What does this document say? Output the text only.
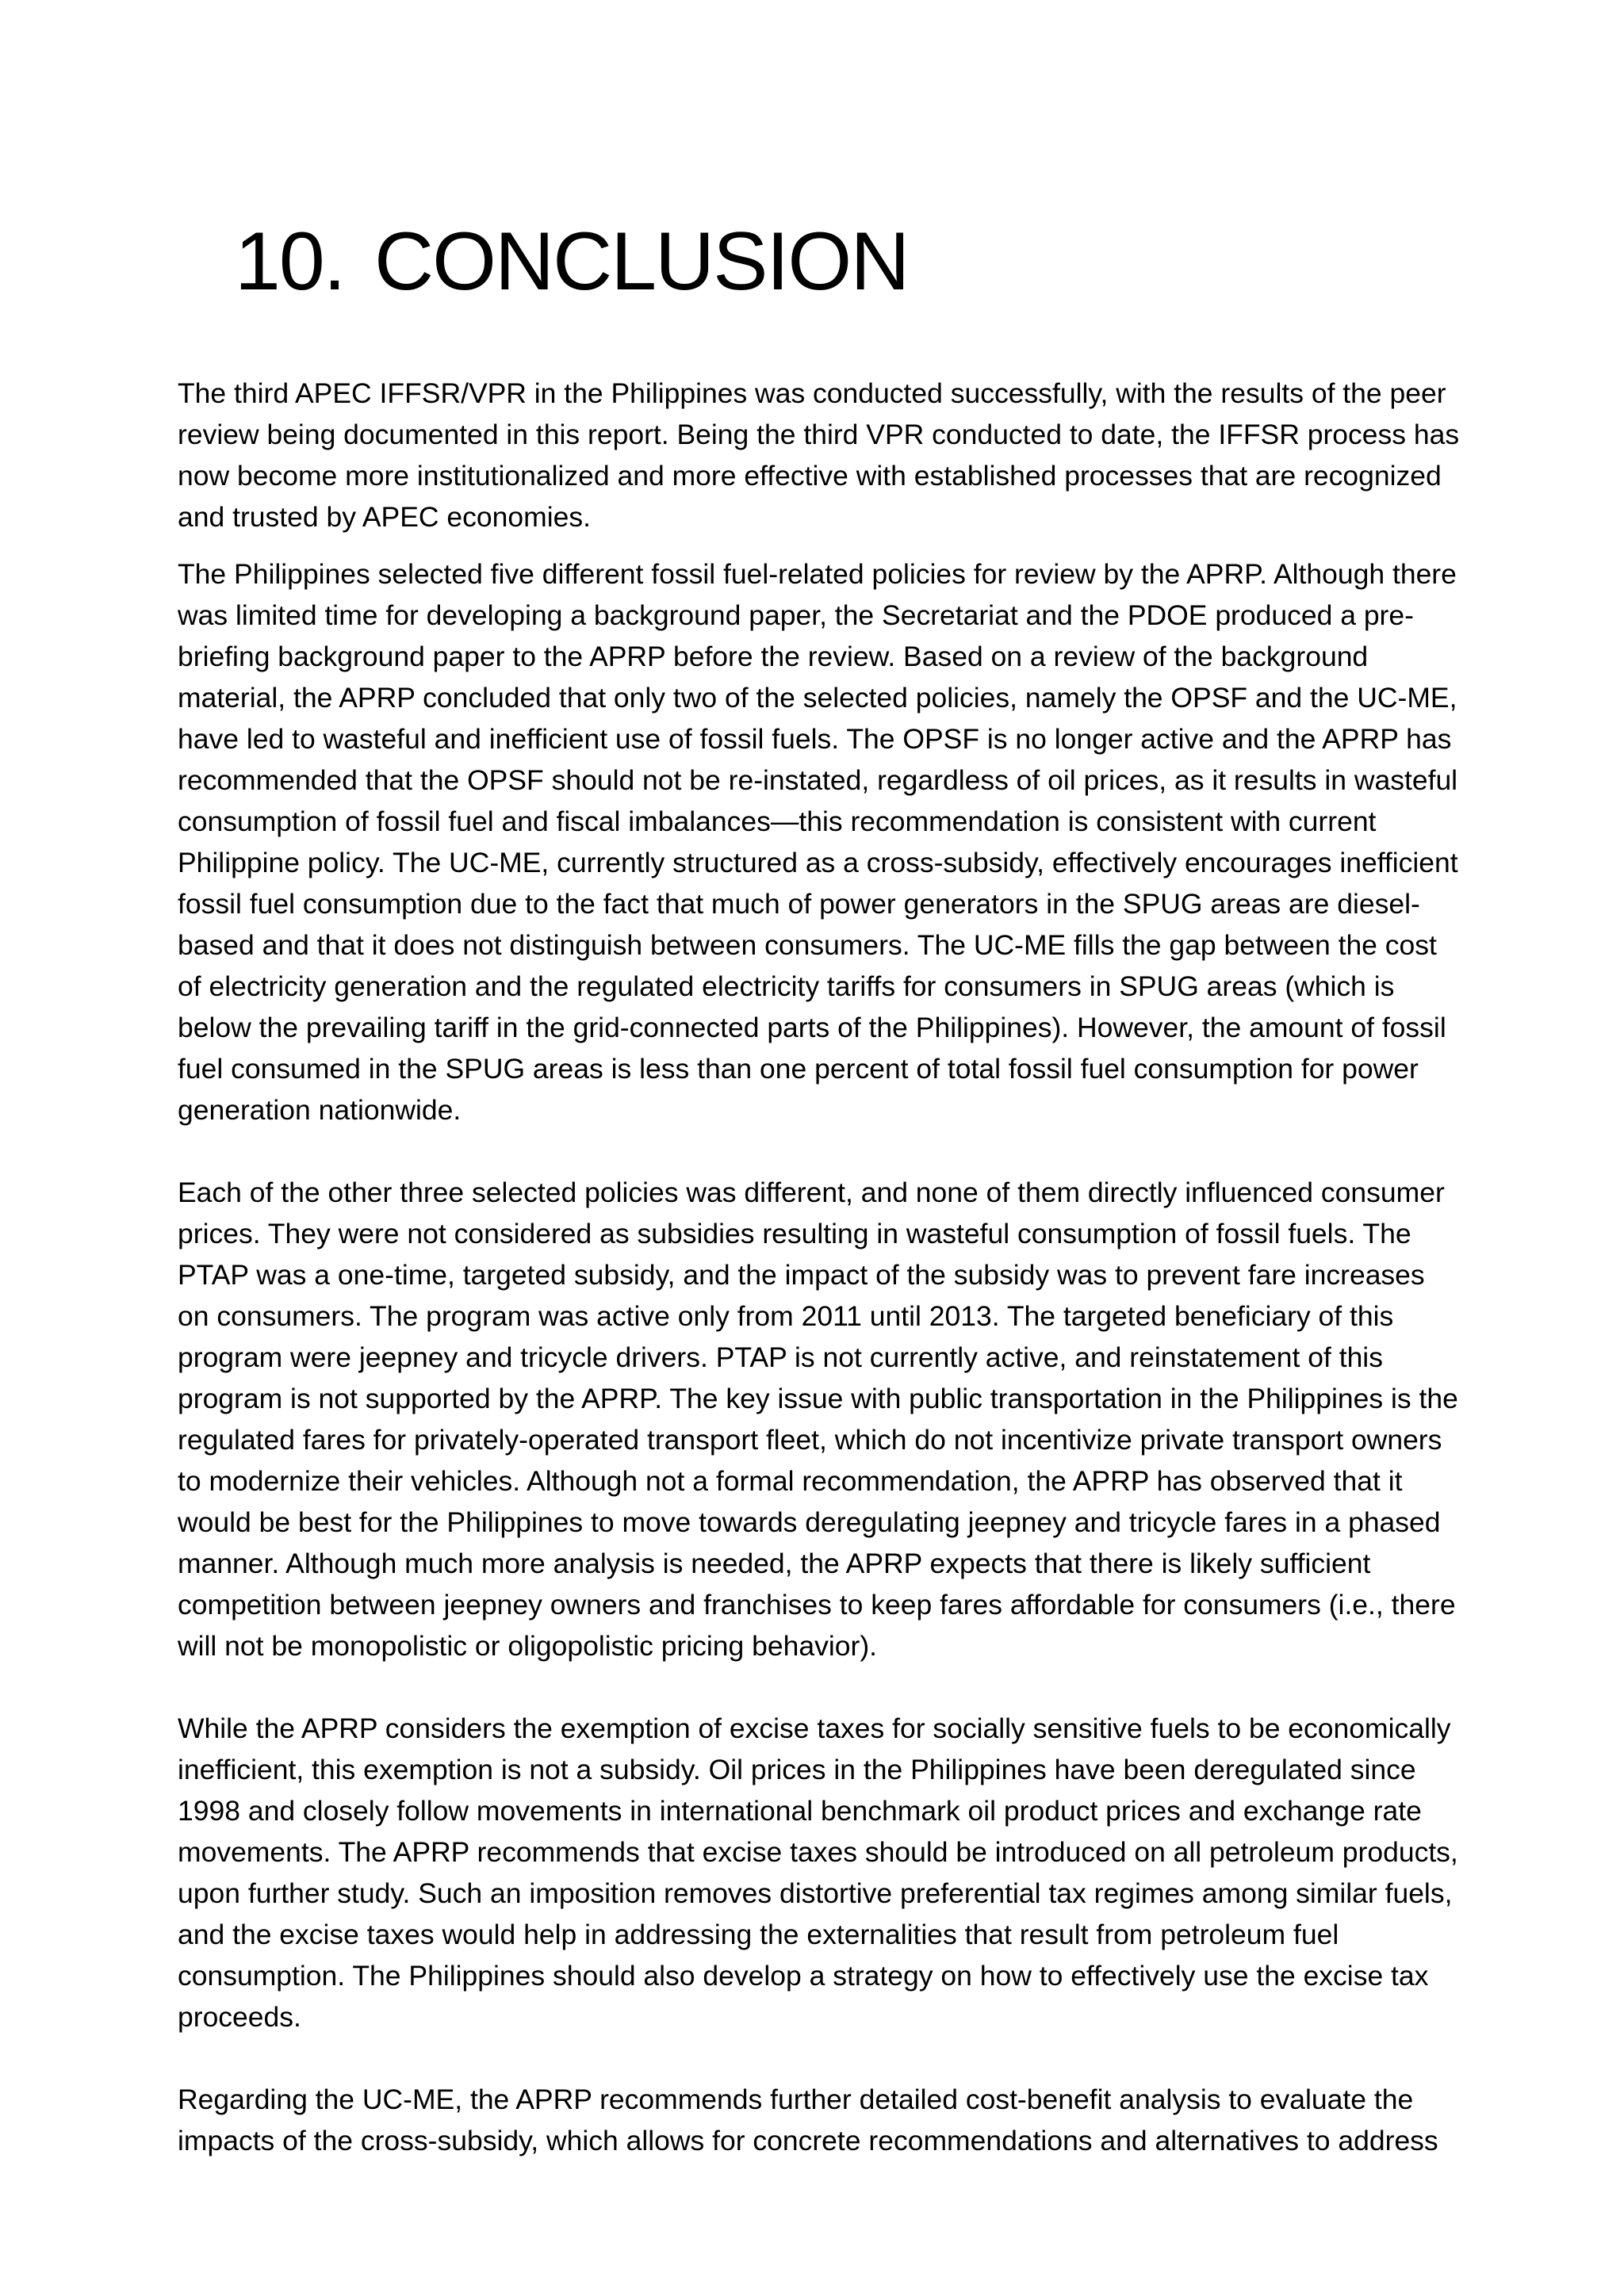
10. CONCLUSION

The third APEC IFFSR/VPR in the Philippines was conducted successfully, with the results of the peer review being documented in this report. Being the third VPR conducted to date, the IFFSR process has now become more institutionalized and more effective with established processes that are recognized and trusted by APEC economies.

The Philippines selected five different fossil fuel-related policies for review by the APRP. Although there was limited time for developing a background paper, the Secretariat and the PDOE produced a pre-briefing background paper to the APRP before the review. Based on a review of the background material, the APRP concluded that only two of the selected policies, namely the OPSF and the UC-ME, have led to wasteful and inefficient use of fossil fuels. The OPSF is no longer active and the APRP has recommended that the OPSF should not be re-instated, regardless of oil prices, as it results in wasteful consumption of fossil fuel and fiscal imbalances—this recommendation is consistent with current Philippine policy. The UC-ME, currently structured as a cross-subsidy, effectively encourages inefficient fossil fuel consumption due to the fact that much of power generators in the SPUG areas are diesel-based and that it does not distinguish between consumers. The UC-ME fills the gap between the cost of electricity generation and the regulated electricity tariffs for consumers in SPUG areas (which is below the prevailing tariff in the grid-connected parts of the Philippines). However, the amount of fossil fuel consumed in the SPUG areas is less than one percent of total fossil fuel consumption for power generation nationwide.

Each of the other three selected policies was different, and none of them directly influenced consumer prices. They were not considered as subsidies resulting in wasteful consumption of fossil fuels. The PTAP was a one-time, targeted subsidy, and the impact of the subsidy was to prevent fare increases on consumers. The program was active only from 2011 until 2013. The targeted beneficiary of this program were jeepney and tricycle drivers. PTAP is not currently active, and reinstatement of this program is not supported by the APRP. The key issue with public transportation in the Philippines is the regulated fares for privately-operated transport fleet, which do not incentivize private transport owners to modernize their vehicles. Although not a formal recommendation, the APRP has observed that it would be best for the Philippines to move towards deregulating jeepney and tricycle fares in a phased manner. Although much more analysis is needed, the APRP expects that there is likely sufficient competition between jeepney owners and franchises to keep fares affordable for consumers (i.e., there will not be monopolistic or oligopolistic pricing behavior).

While the APRP considers the exemption of excise taxes for socially sensitive fuels to be economically inefficient, this exemption is not a subsidy. Oil prices in the Philippines have been deregulated since 1998 and closely follow movements in international benchmark oil product prices and exchange rate movements. The APRP recommends that excise taxes should be introduced on all petroleum products, upon further study. Such an imposition removes distortive preferential tax regimes among similar fuels, and the excise taxes would help in addressing the externalities that result from petroleum fuel consumption. The Philippines should also develop a strategy on how to effectively use the excise tax proceeds.

Regarding the UC-ME, the APRP recommends further detailed cost-benefit analysis to evaluate the impacts of the cross-subsidy, which allows for concrete recommendations and alternatives to address
